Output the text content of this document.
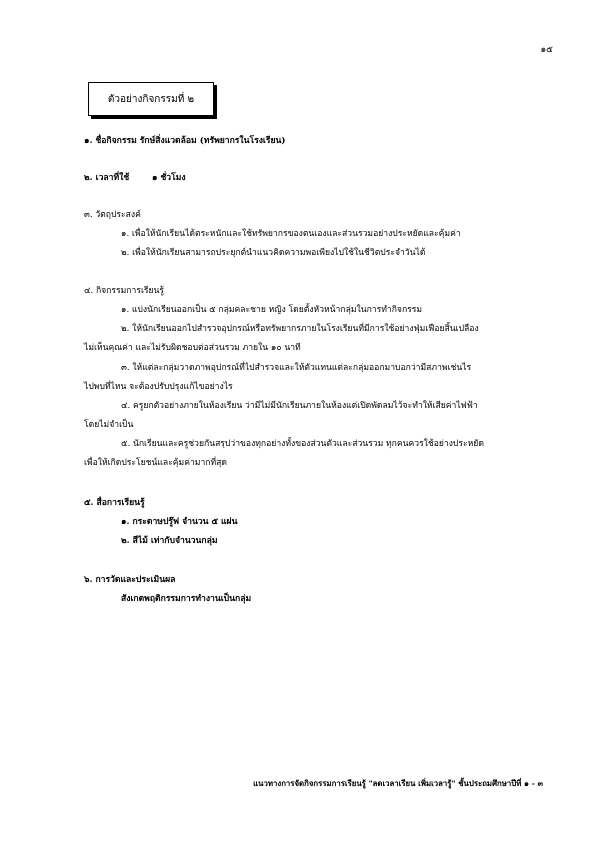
๑๕
ตัวอย่างกิจกรรมที่ ๒
๑. ชื่อกิจกรรม รักษ์สิ่งแวดล้อม (ทรัพยากรในโรงเรียน)
๒. เวลาที่ใช้	๑ ชั่วโมง
๓. วัตถุประสงค์
๑. เพื่อให้นักเรียนได้ตระหนักและใช้ทรัพยากรของตนเองและส่วนรวมอย่างประหยัดและคุ้มค่า
๒. เพื่อให้นักเรียนสามารถประยุกต์นำแนวคิดความพอเพียงไปใช้ในชีวิตประจำวันได้
๔. กิจกรรมการเรียนรู้
๑. แบ่งนักเรียนออกเป็น ๕ กลุ่มคละชาย หญิง โดยตั้งหัวหน้ากลุ่มในการทำกิจกรรม
๒. ให้นักเรียนออกไปสำรวจอุปกรณ์หรือทรัพยากรภายในโรงเรียนที่มีการใช้อย่างฟุ่มเฟือยสิ้นเปลือง
ไม่เห็นคุณค่า และไม่รับผิดชอบต่อส่วนรวม ภายใน ๑๐ นาที
๓. ให้แต่ละกลุ่มวาดภาพอุปกรณ์ที่ไปสำรวจและให้ตัวแทนแต่ละกลุ่มออกมาบอกว่ามีสภาพเช่นไร
ไปพบที่ไหน จะต้องปรับปรุงแก้ไขอย่างไร
๔. ครูยกตัวอย่างภายในห้องเรียน ว่ามีไม่มีนักเรียนภายในห้องแต่เปิดพัดลมไว้จะทำให้เสียค่าไฟฟ้า
โดยไม่จำเป็น
๕. นักเรียนและครูช่วยกันสรุปว่าของทุกอย่างทั้งของส่วนตัวและส่วนรวม ทุกคนควรใช้อย่างประหยัด
เพื่อให้เกิดประโยชน์และคุ้มค่ามากที่สุด
๕. สื่อการเรียนรู้
๑. กระดาษปรู๊ฟ จำนวน ๕ แผ่น
๒. สีไม้ เท่ากับจำนวนกลุ่ม
๖. การวัดและประเมินผล
สังเกตพฤติกรรมการทำงานเป็นกลุ่ม
แนวทางการจัดกิจกรรมการเรียนรู้ "ลดเวลาเรียน เพิ่มเวลารู้" ชั้นประถมศึกษาปีที่ ๑ - ๓
